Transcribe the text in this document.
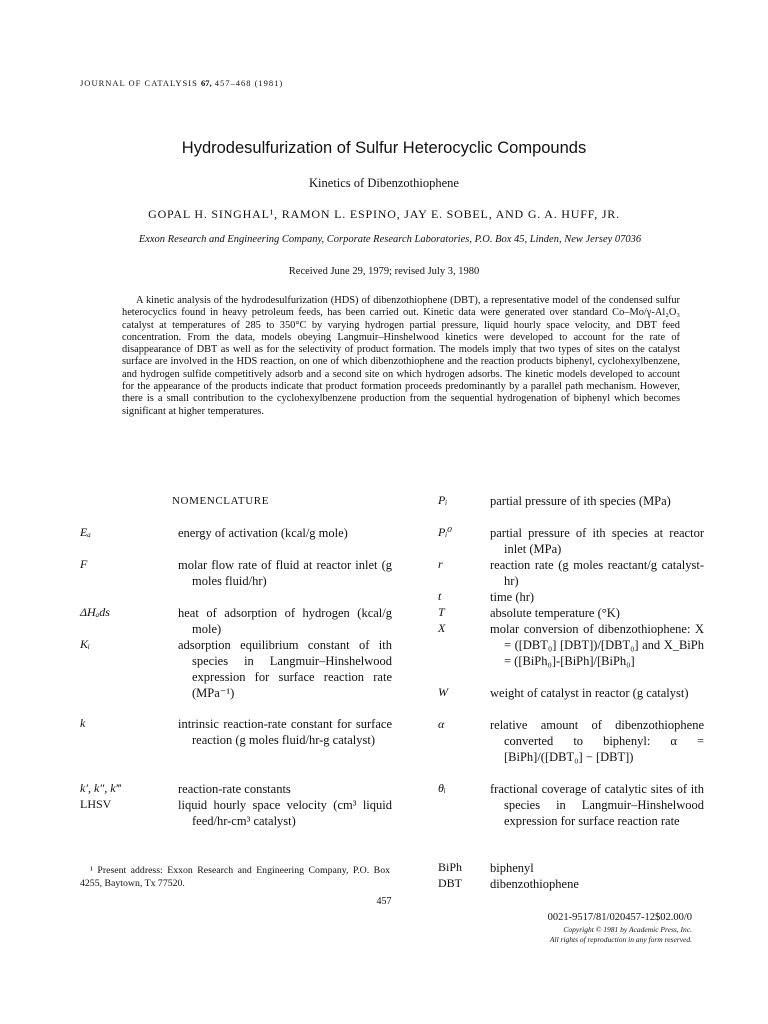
JOURNAL OF CATALYSIS 67, 457–468 (1981)
Hydrodesulfurization of Sulfur Heterocyclic Compounds
Kinetics of Dibenzothiophene
GOPAL H. SINGHAL¹, RAMON L. ESPINO, JAY E. SOBEL, AND G. A. HUFF, JR.
Exxon Research and Engineering Company, Corporate Research Laboratories, P.O. Box 45, Linden, New Jersey 07036
Received June 29, 1979; revised July 3, 1980
A kinetic analysis of the hydrodesulfurization (HDS) of dibenzothiophene (DBT), a representative model of the condensed sulfur heterocyclics found in heavy petroleum feeds, has been carried out. Kinetic data were generated over standard Co–Mo/γ-Al₂O₃ catalyst at temperatures of 285 to 350°C by varying hydrogen partial pressure, liquid hourly space velocity, and DBT feed concentration. From the data, models obeying Langmuir–Hinshelwood kinetics were developed to account for the rate of disappearance of DBT as well as for the selectivity of product formation. The models imply that two types of sites on the catalyst surface are involved in the HDS reaction, on one of which dibenzothiophene and the reaction products biphenyl, cyclohexylbenzene, and hydrogen sulfide competitively adsorb and a second site on which hydrogen adsorbs. The kinetic models developed to account for the appearance of the products indicate that product formation proceeds predominantly by a parallel path mechanism. However, there is a small contribution to the cyclohexylbenzene production from the sequential hydrogenation of biphenyl which becomes significant at higher temperatures.
NOMENCLATURE
Eₐ	energy of activation (kcal/g mole)
F	molar flow rate of fluid at reactor inlet (g moles fluid/hr)
ΔHₐds	heat of adsorption of hydrogen (kcal/g mole)
Kᵢ	adsorption equilibrium constant of ith species in Langmuir–Hinshelwood expression for surface reaction rate (MPa⁻¹)
k	intrinsic reaction-rate constant for surface reaction (g moles fluid/hr-g catalyst)
k′, k″, k‴	reaction-rate constants
LHSV	liquid hourly space velocity (cm³ liquid feed/hr-cm³ catalyst)
Pᵢ	partial pressure of ith species (MPa)
Pᵢ⁰	partial pressure of ith species at reactor inlet (MPa)
r	reaction rate (g moles reactant/g catalyst-hr)
t	time (hr)
T	absolute temperature (°K)
X	molar conversion of dibenzothiophene: X = ([DBT₀] [DBT])/[DBT₀] and X_BiPh = ([BiPh₀]-[BiPh]/[BiPh₀]
W	weight of catalyst in reactor (g catalyst)
α	relative amount of dibenzothiophene converted to biphenyl: α = [BiPh]/([DBT₀] − [DBT])
θᵢ	fractional coverage of catalytic sites of ith species in Langmuir–Hinshelwood expression for surface reaction rate
BiPh biphenyl
DBT dibenzothiophene
¹ Present address: Exxon Research and Engineering Company, P.O. Box 4255, Baytown, Tx 77520.
457
0021-9517/81/020457-12$02.00/0
Copyright © 1981 by Academic Press, Inc.
All rights of reproduction in any form reserved.
